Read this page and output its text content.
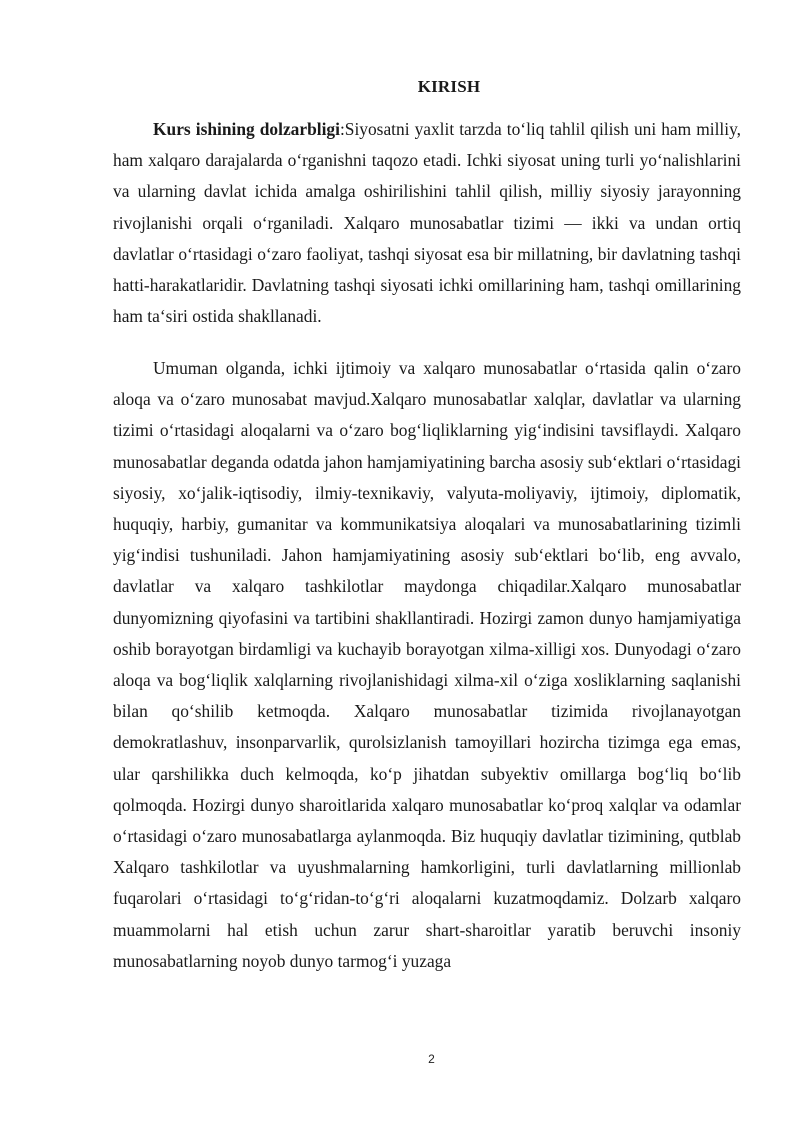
KIRISH

Kurs ishining dolzarbligi:Siyosatni yaxlit tarzda to‘liq tahlil qilish uni ham milliy, ham xalqaro darajalarda o‘rganishni taqozo etadi. Ichki siyosat uning turli yo‘nalishlarini va ularning davlat ichida amalga oshirilishini tahlil qilish, milliy siyosiy jarayonning rivojlanishi orqali o‘rganiladi. Xalqaro munosabatlar tizimi — ikki va undan ortiq davlatlar o‘rtasidagi o‘zaro faoliyat, tashqi siyosat esa bir millatning, bir davlatning tashqi hatti-harakatlaridir. Davlatning tashqi siyosati ichki omillarining ham, tashqi omillarining ham ta‘siri ostida shakllanadi.

Umuman olganda, ichki ijtimoiy va xalqaro munosabatlar o‘rtasida qalin o‘zaro aloqa va o‘zaro munosabat mavjud.Xalqaro munosabatlar xalqlar, davlatlar va ularning tizimi o‘rtasidagi aloqalarni va o‘zaro bog‘liqliklarning yig‘indisini tavsiflaydi. Xalqaro munosabatlar deganda odatda jahon hamjamiyatining barcha asosiy sub‘ektlari o‘rtasidagi siyosiy, xo‘jalik-iqtisodiy, ilmiy-texnikaviy, valyuta-moliyaviy, ijtimoiy, diplomatik, huquqiy, harbiy, gumanitar va kommunikatsiya aloqalari va munosabatlarining tizimli yig‘indisi tushuniladi. Jahon hamjamiyatining asosiy sub‘ektlari bo‘lib, eng avvalo, davlatlar va xalqaro tashkilotlar maydonga chiqadilar.Xalqaro munosabatlar dunyomizning qiyofasini va tartibini shakllantiradi. Hozirgi zamon dunyo hamjamiyatiga oshib borayotgan birdamligi va kuchayib borayotgan xilma-xilligi xos. Dunyodagi o‘zaro aloqa va bog‘liqlik xalqlarning rivojlanishidagi xilma-xil o‘ziga xosliklarning saqlanishi bilan qo‘shilib ketmoqda. Xalqaro munosabatlar tizimida rivojlanayotgan demokratlashuv, insonparvarlik, qurolsizlanish tamoyillari hozircha tizimga ega emas, ular qarshilikka duch kelmoqda, ko‘p jihatdan subyektiv omillarga bog‘liq bo‘lib qolmoqda. Hozirgi dunyo sharoitlarida xalqaro munosabatlar ko‘proq xalqlar va odamlar o‘rtasidagi o‘zaro munosabatlarga aylanmoqda. Biz huquqiy davlatlar tizimining, qutblab Xalqaro tashkilotlar va uyushmalarning hamkorligini, turli davlatlarning millionlab fuqarolari o‘rtasidagi to‘g‘ridan-to‘g‘ri aloqalarni kuzatmoqdamiz. Dolzarb xalqaro muammolarni hal etish uchun zarur shart-sharoitlar yaratib beruvchi insoniy munosabatlarning noyob dunyo tarmog‘i yuzaga

2
